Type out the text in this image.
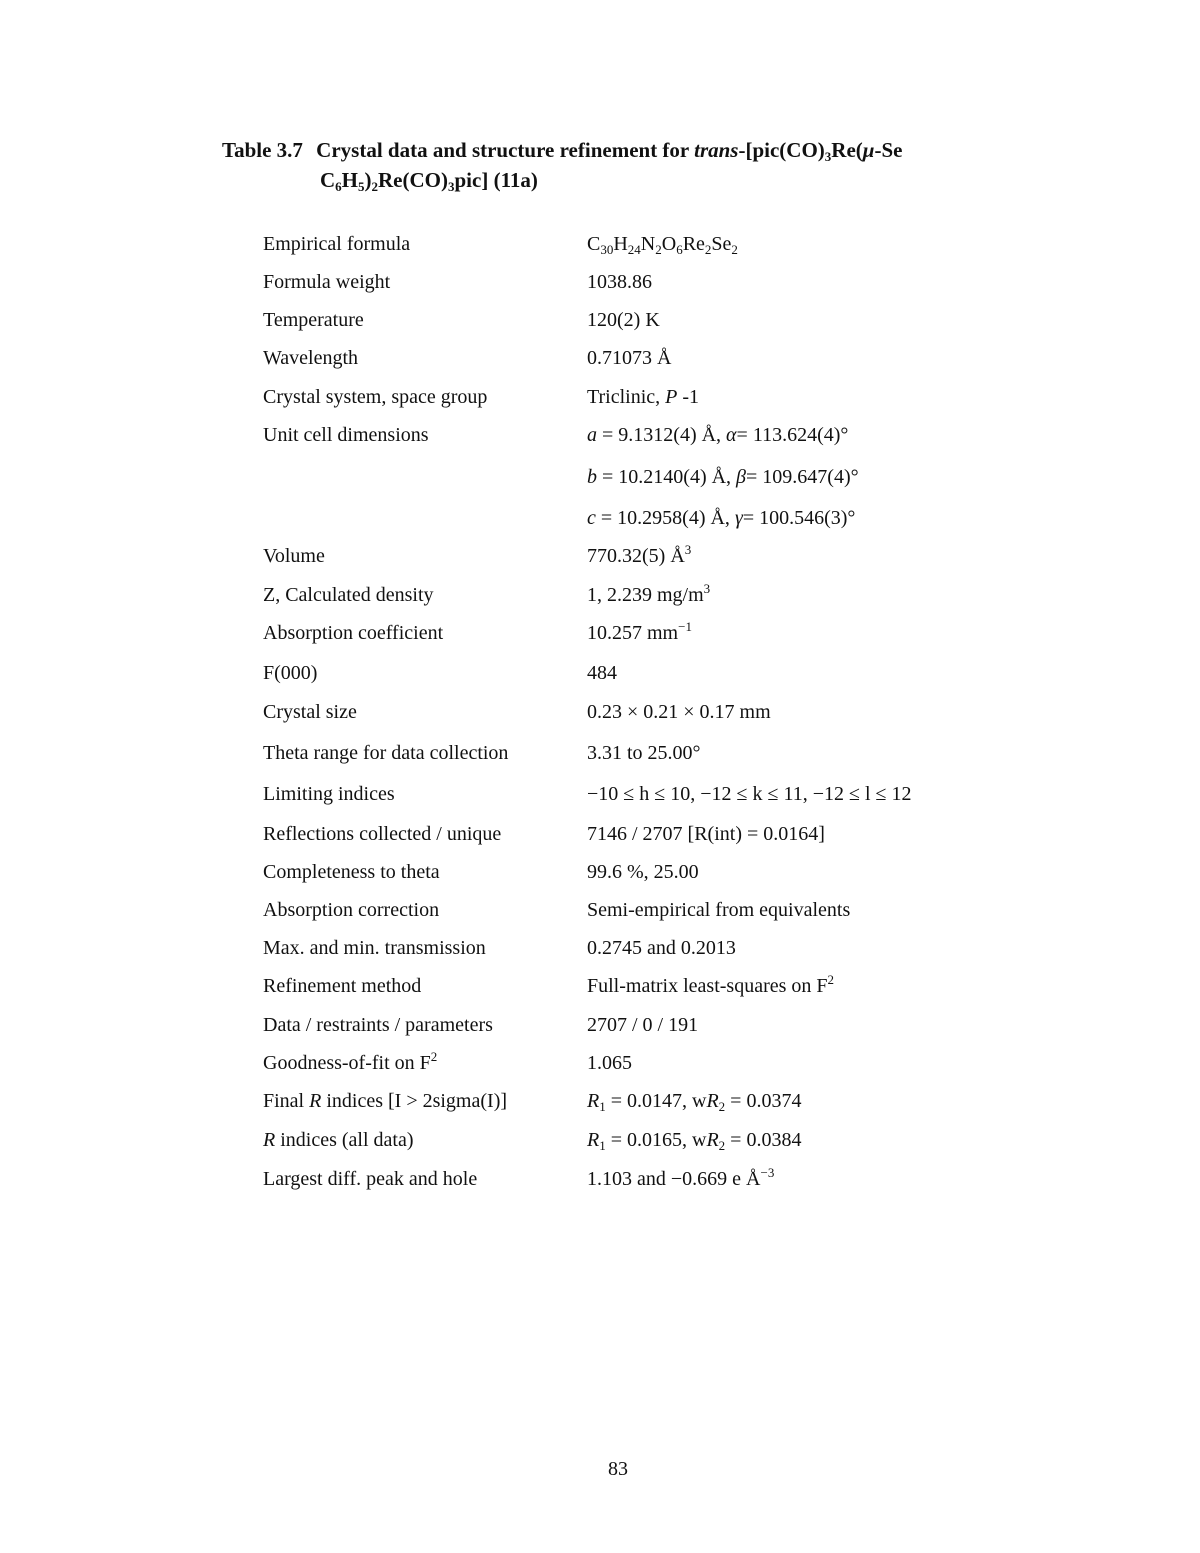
Table 3.7 Crystal data and structure refinement for trans-[$pic(CO)_3Re(\mu-Se$
$C_6H_5)_2Re(CO)_3pic$] (11a)
Empirical formula	$C_{30}H_{24}N_2O_6Re_2Se_2$
Formula weight	1038.86
Temperature	120(2) K
Wavelength	0.71073 Å
Crystal system, space group	Triclinic, P -1
Unit cell dimensions	a = 9.1312(4) Å, α= 113.624(4)°
b = 10.2140(4) Å, β= 109.647(4)°
c = 10.2958(4) Å, γ= 100.546(3)°
Volume	770.32(5) $Å^3$
Z, Calculated density	1, 2.239 $mg/m^3$
Absorption coefficient	10.257 $mm^{-1}$
F(000)	484
Crystal size	0.23 × 0.21 × 0.17 mm
Theta range for data collection	3.31 to 25.00°
Limiting indices	−10 ≤ h ≤ 10, −12 ≤ k ≤ 11, −12 ≤ l ≤ 12
Reflections collected / unique	7146 / 2707 [R(int) = 0.0164]
Completeness to theta	99.6 %, 25.00
Absorption correction	Semi-empirical from equivalents
Max. and min. transmission	0.2745 and 0.2013
Refinement method	Full-matrix least-squares on $F^2$
Data / restraints / parameters	2707 / 0 / 191
Goodness-of-fit on $F^2$	1.065
Final R indices [I > 2sigma(I)]	$R_1 = 0.0147$, $wR_2 = 0.0374$
R indices (all data)	$R_1 = 0.0165$, $wR_2 = 0.0384$
Largest diff. peak and hole	1.103 and −0.669 e $Å^{-3}$
83
